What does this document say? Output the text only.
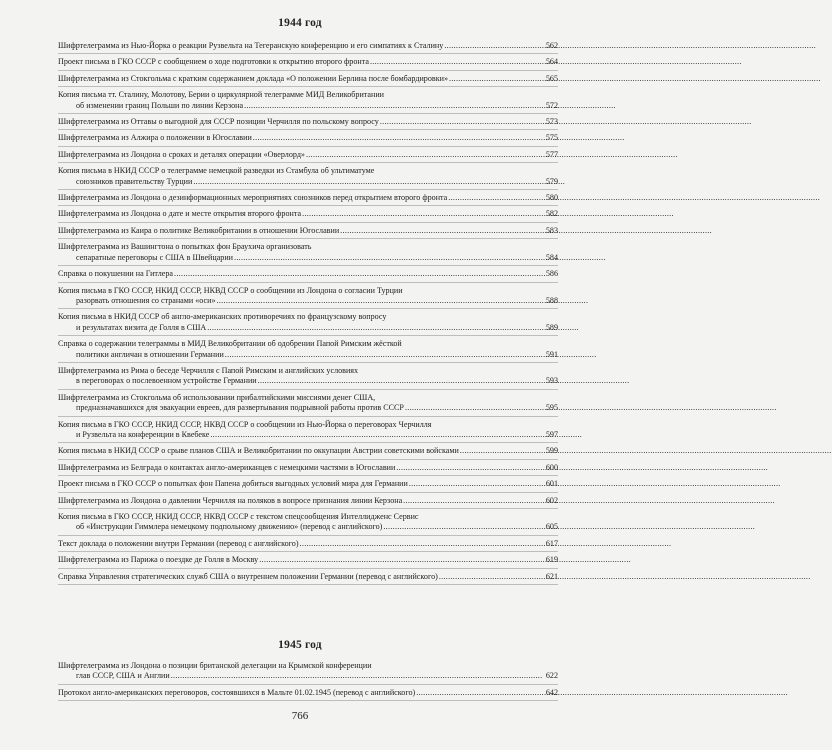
1944 год
Шифртелеграмма из Нью-Йорка о реакции Рузвельта на Тегеранскую конференцию и его симпатиях к Сталину .....	562
Проект письма в ГКО СССР с сообщением о ходе подготовки к открытию второго фронта .....	564
Шифртелеграмма из Стокгольма с кратким содержанием доклада «О положении Берлина после бомбардировки» .....	565
Копия письма тт. Сталину, Молотову, Берии о циркулярной телеграмме МИД Великобритании
об изменении границ Польши по линии Керзона .....	572
Шифртелеграмма из Оттавы о выгодной для СССР позиции Черчилля по польскому вопросу .....	573
Шифртелеграмма из Алжира о положении в Югославии .....	575
Шифртелеграмма из Лондона о сроках и деталях операции «Оверлорд» .....	577
Копия письма в НКИД СССР о телеграмме немецкой разведки из Стамбула об ультиматуме
союзников правительству Турции .....	579
Шифртелеграмма из Лондона о дезинформационных мероприятиях союзников перед открытием второго фронта .....	580
Шифртелеграмма из Лондона о дате и месте открытия второго фронта .....	582
Шифртелеграмма из Каира о политике Великобритании в отношении Югославии .....	583
Шифртелеграмма из Вашингтона о попытках фон Браухича организовать
сепаратные переговоры с США в Швейцарии .....	584
Справка о покушении на Гитлера .....	586
Копия письма в ГКО СССР, НКИД СССР, НКВД СССР о сообщении из Лондона о согласии Турции
разорвать отношения со странами «оси» .....	588
Копия письма в НКИД СССР об англо-американских противоречиях по французскому вопросу
и результатах визита де Голля в США .....	589
Справка о содержании телеграммы в МИД Великобритании об одобрении Папой Римским жёсткой
политики англичан в отношении Германии .....	591
Шифртелеграмма из Рима о беседе Черчилля с Папой Римским и английских условиях
в переговорах о послевоенном устройстве Германии .....	593
Шифртелеграмма из Стокгольма об использовании прибалтийскими миссиями денег США,
предназначавшихся для эвакуации евреев, для развертывания подрывной работы против СССР .....	595
Копия письма в ГКО СССР, НКИД СССР, НКВД СССР о сообщении из Нью-Йорка о переговорах Черчилля
и Рузвельта на конференции в Квебеке .....	597
Копия письма в НКИД СССР о срыве планов США и Великобритании по оккупации Австрии советскими войсками .....	599
Шифртелеграмма из Белграда о контактах англо-американцев с немецкими частями в Югославии .....	600
Проект письма в ГКО СССР о попытках фон Папена добиться выгодных условий мира для Германии .....	601
Шифртелеграмма из Лондона о давлении Черчилля на поляков в вопросе признания линии Керзона .....	602
Копия письма в ГКО СССР, НКИД СССР, НКВД СССР с текстом спецсообщения Интеллидженс Сервис
об «Инструкции Гиммлера немецкому подпольному движению» (перевод с английского) .....	605
Текст доклада о положении внутри Германии (перевод с английского) .....	617
Шифртелеграмма из Парижа о поездке де Голля в Москву .....	619
Справка Управления стратегических служб США о внутреннем положении Германии (перевод с английского) .....	621
1945 год
Шифртелеграмма из Лондона о позиции британской делегации на Крымской конференции
глав СССР, США и Англии .....	622
Протокол англо-американских переговоров, состоявшихся в Мальте 01.02.1945 (перевод с английского) .....	642
766
